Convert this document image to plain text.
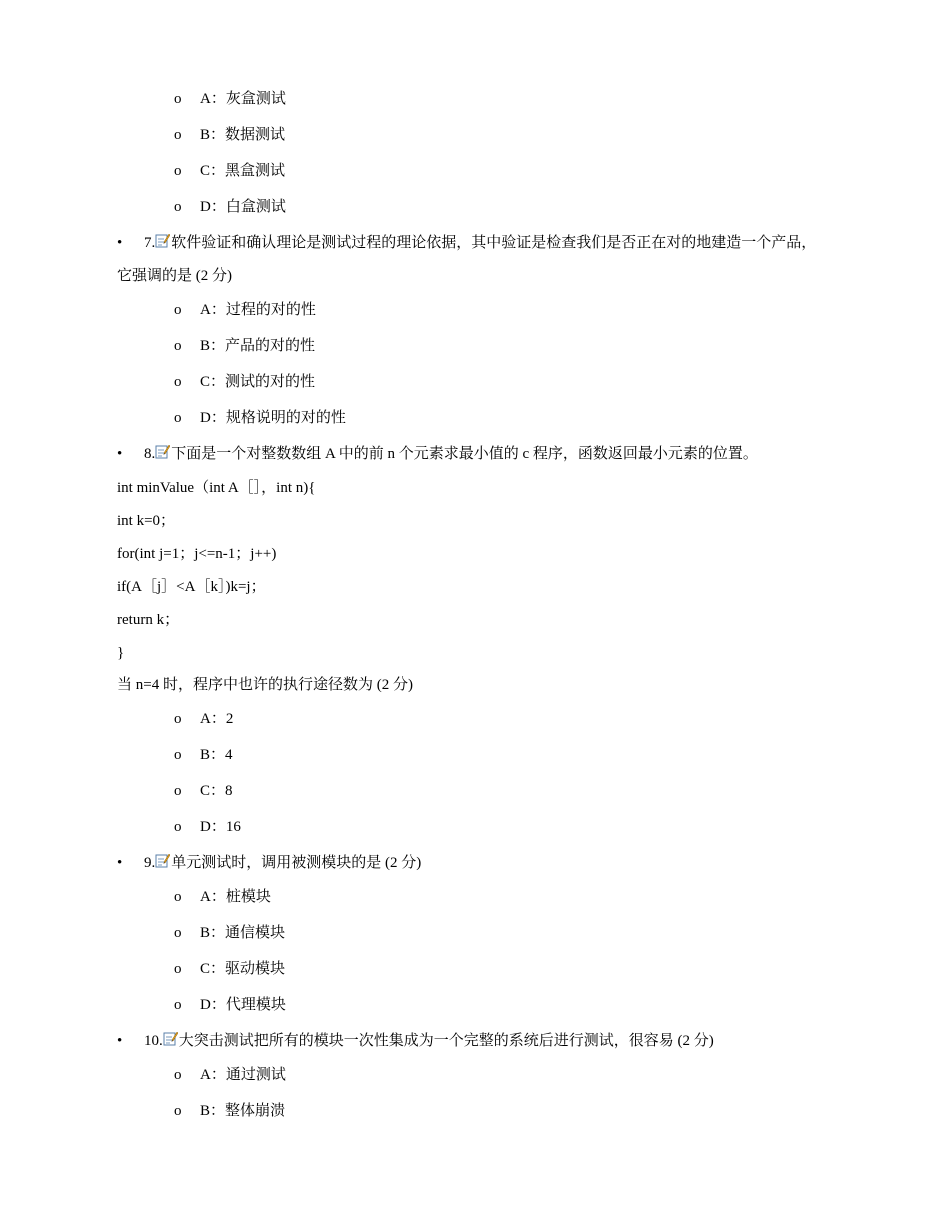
o A：灰盒测试
o B：数据测试
o C：黑盒测试
o D：白盒测试
• 7. 软件验证和确认理论是测试过程的理论依据，其中验证是检查我们是否正在对的地建造一个产品，
它强调的是 (2 分)
o A：过程的对的性
o B：产品的对的性
o C：测试的对的性
o D：规格说明的对的性
• 8. 下面是一个对整数数组 A 中的前 n 个元素求最小值的 c 程序，函数返回最小元素的位置。
int minValue（int A［］，int n){
int k=0；
for(int j=1；j<=n-1；j++)
if(A［j］<A［k］)k=j；
return k；
}
当 n=4 时，程序中也许的执行途径数为 (2 分)
o A：2
o B：4
o C：8
o D：16
• 9. 单元测试时，调用被测模块的是 (2 分)
o A：桩模块
o B：通信模块
o C：驱动模块
o D：代理模块
• 10. 大突击测试把所有的模块一次性集成为一个完整的系统后进行测试，很容易 (2 分)
o A：通过测试
o B：整体崩溃
